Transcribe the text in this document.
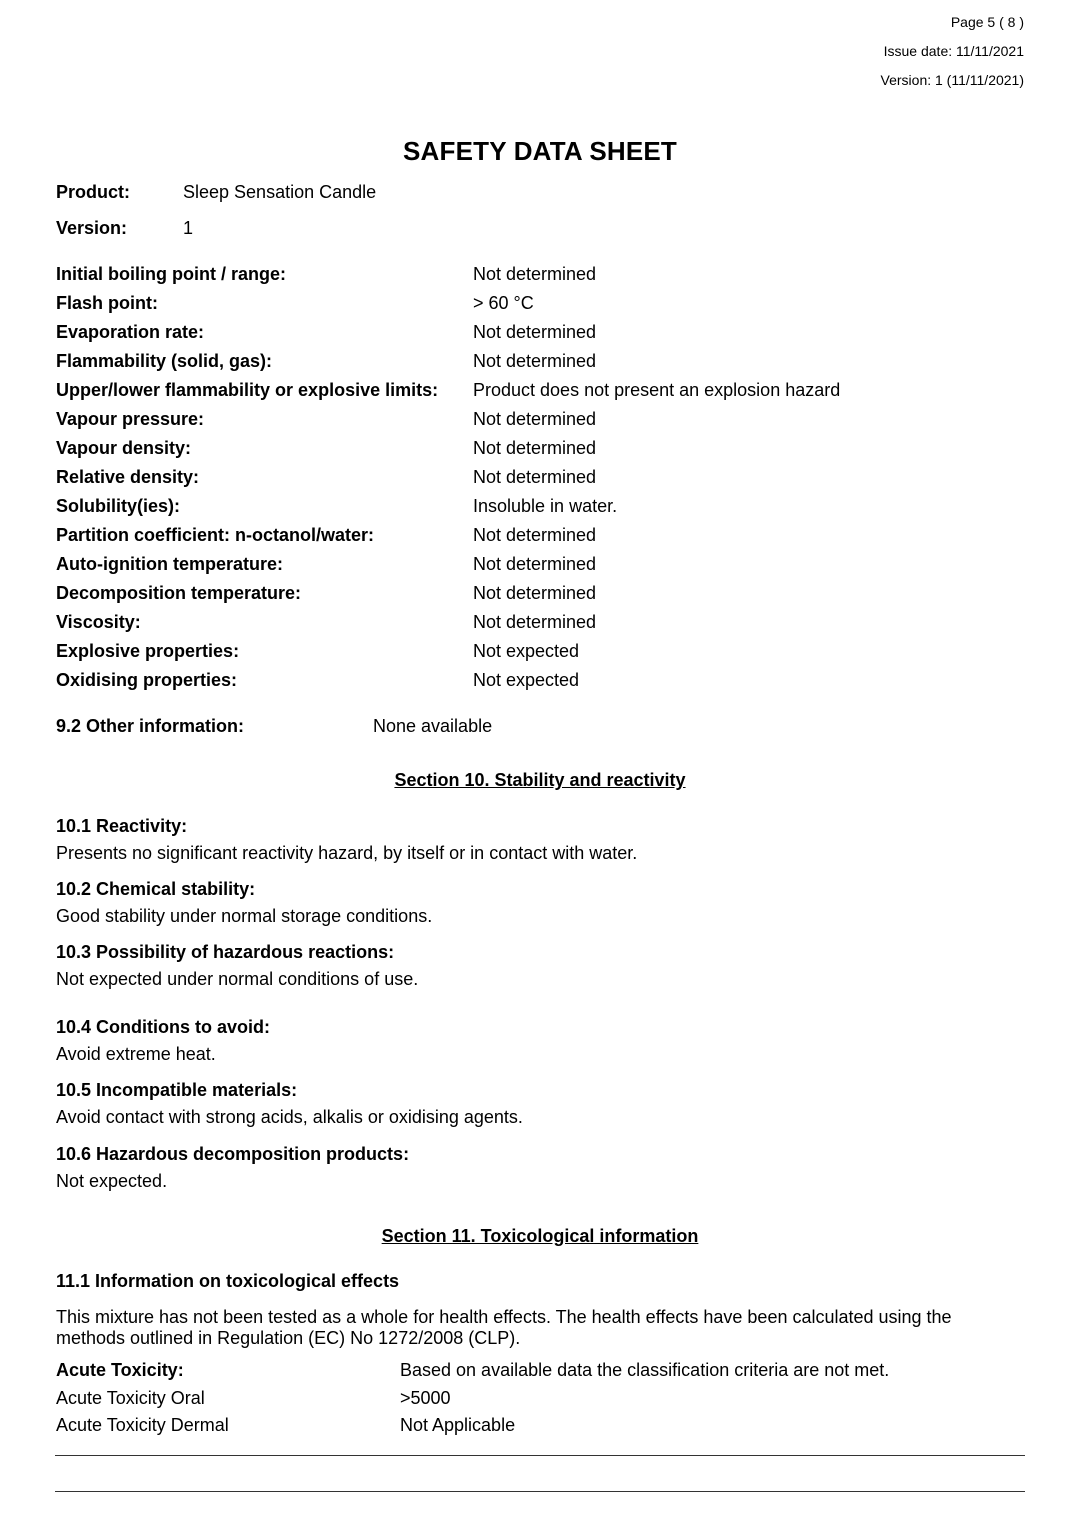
Page 5 ( 8 )
Issue date: 11/11/2021
Version: 1 (11/11/2021)
SAFETY DATA SHEET
Product:	Sleep Sensation Candle
Version:	1
Initial boiling point / range:	Not determined
Flash point:	> 60 °C
Evaporation rate:	Not determined
Flammability (solid, gas):	Not determined
Upper/lower flammability or explosive limits: Product does not present an explosion hazard
Vapour pressure:	Not determined
Vapour density:	Not determined
Relative density:	Not determined
Solubility(ies):	Insoluble in water.
Partition coefficient: n-octanol/water:	Not determined
Auto-ignition temperature:	Not determined
Decomposition temperature:	Not determined
Viscosity:	Not determined
Explosive properties:	Not expected
Oxidising properties:	Not expected
9.2 Other information:	None available
Section 10. Stability and reactivity
10.1 Reactivity:
Presents no significant reactivity hazard, by itself or in contact with water.
10.2 Chemical stability:
Good stability under normal storage conditions.
10.3 Possibility of hazardous reactions:
Not expected under normal conditions of use.
10.4 Conditions to avoid:
Avoid extreme heat.
10.5 Incompatible materials:
Avoid contact with strong acids, alkalis or oxidising agents.
10.6 Hazardous decomposition products:
Not expected.
Section 11. Toxicological information
11.1 Information on toxicological effects
This mixture has not been tested as a whole for health effects. The health effects have been calculated using the methods outlined in Regulation (EC) No 1272/2008 (CLP).
Acute Toxicity:	Based on available data the classification criteria are not met.
Acute Toxicity Oral	>5000
Acute Toxicity Dermal	Not Applicable
